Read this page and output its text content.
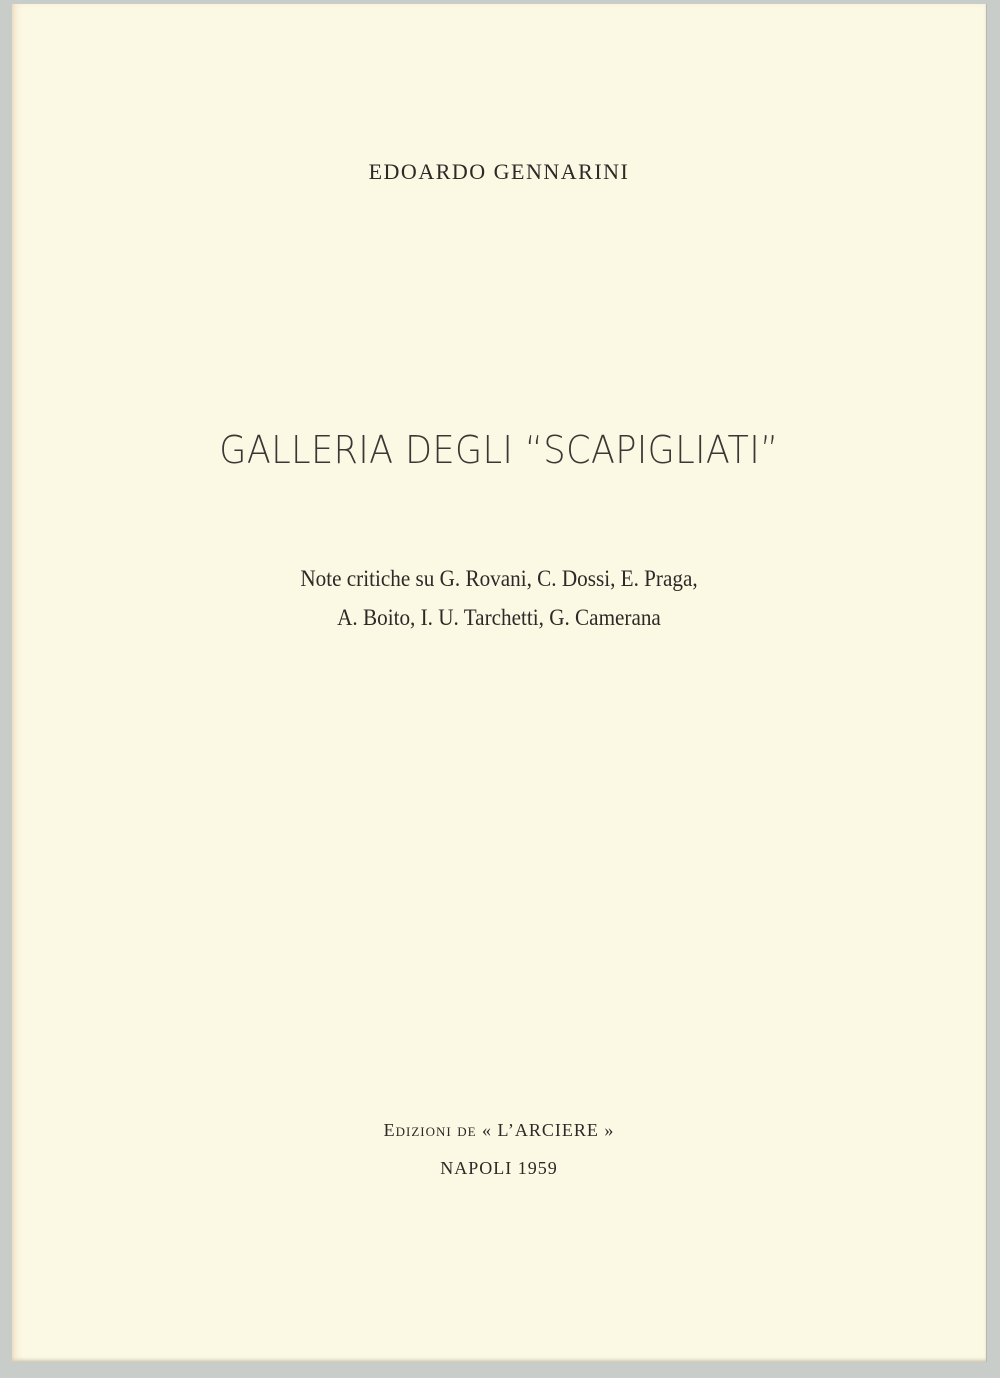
EDOARDO GENNARINI
GALLERIA DEGLI “SCAPIGLIATI”
Note critiche su G. Rovani, C. Dossi, E. Praga,
A. Boito, I. U. Tarchetti, G. Camerana
Edizioni de « L’ARCIERE »
NAPOLI 1959
